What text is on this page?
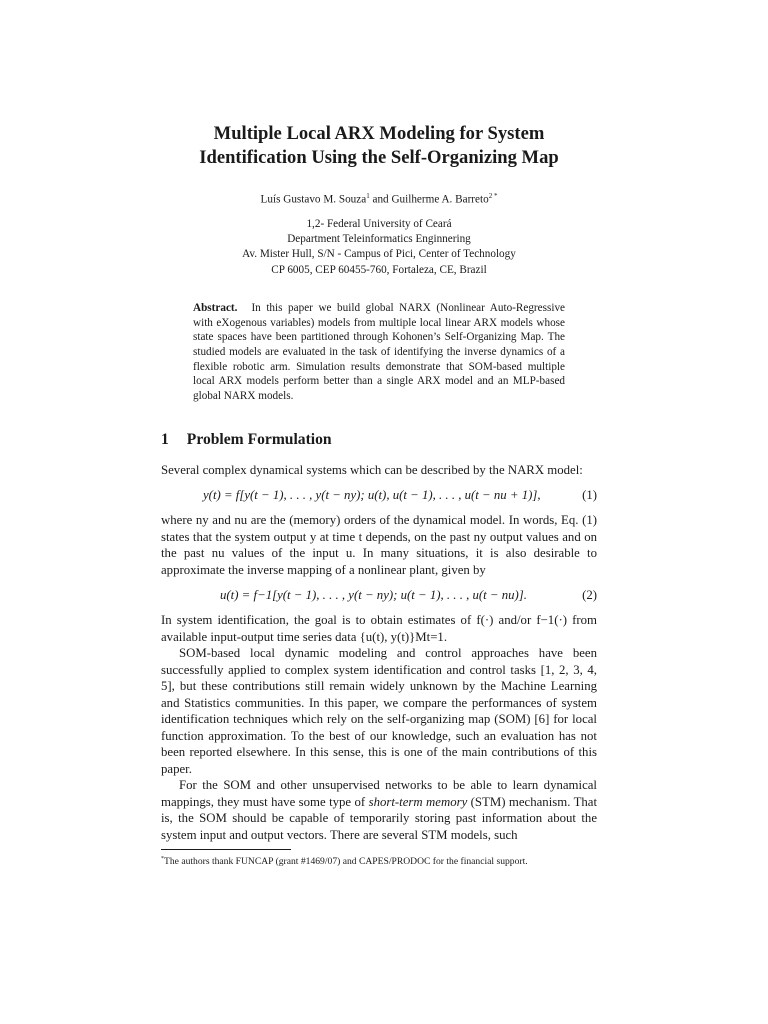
Multiple Local ARX Modeling for System
Identification Using the Self-Organizing Map
Luís Gustavo M. Souza$^1$ and Guilherme A. Barreto$^{2 *}$
1,2- Federal University of Ceará
Department Teleinformatics Enginnering
Av. Mister Hull, S/N - Campus of Pici, Center of Technology
CP 6005, CEP 60455-760, Fortaleza, CE, Brazil
Abstract. In this paper we build global NARX (Nonlinear Auto-Regressive with eXogenous variables) models from multiple local linear ARX models whose state spaces have been partitioned through Kohonen’s Self-Organizing Map. The studied models are evaluated in the task of identifying the inverse dynamics of a flexible robotic arm. Simulation results demonstrate that SOM-based multiple local ARX models perform better than a single ARX model and an MLP-based global NARX models.
1 Problem Formulation

Several complex dynamical systems which can be described by the NARX model:

y(t) = f[y(t − 1), . . . , y(t − ny); u(t), u(t − 1), . . . , u(t − nu + 1)],	(1)

where ny and nu are the (memory) orders of the dynamical model. In words, Eq. (1) states that the system output y at time t depends, on the past ny output values and on the past nu values of the input u. In many situations, it is also desirable to approximate the inverse mapping of a nonlinear plant, given by

u(t) = f−1[y(t − 1), . . . , y(t − ny); u(t − 1), . . . , u(t − nu)].	(2)

In system identification, the goal is to obtain estimates of f(·) and/or f−1(·) from available input-output time series data {u(t), y(t)}Mt=1.

SOM-based local dynamic modeling and control approaches have been successfully applied to complex system identification and control tasks [1, 2, 3, 4, 5], but these contributions still remain widely unknown by the Machine Learning and Statistics communities. In this paper, we compare the performances of system identification techniques which rely on the self-organizing map (SOM) [6] for local function approximation. To the best of our knowledge, such an evaluation has not been reported elsewhere. In this sense, this is one of the main contributions of this paper.

For the SOM and other unsupervised networks to be able to learn dynamical mappings, they must have some type of short-term memory (STM) mechanism. That is, the SOM should be capable of temporarily storing past information about the system input and output vectors. There are several STM models, such

*The authors thank FUNCAP (grant #1469/07) and CAPES/PRODOC for the financial support.
